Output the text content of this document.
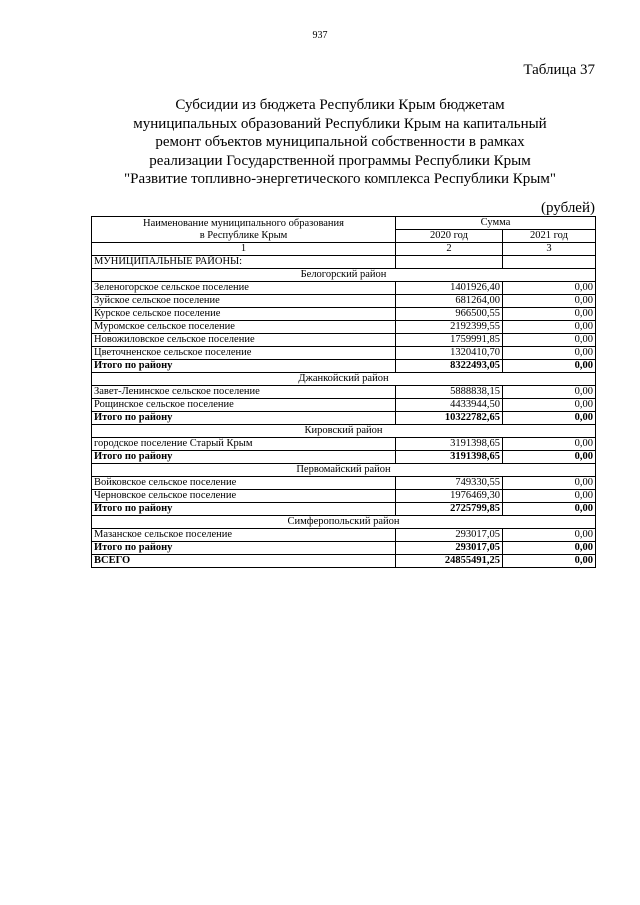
937
Таблица 37
Субсидии из бюджета Республики Крым бюджетам
муниципальных образований Республики Крым на капитальный
ремонт объектов муниципальной собственности в рамках
реализации Государственной программы Республики Крым
"Развитие топливно-энергетического комплекса Республики Крым"
(рублей)
Наименование муниципального образования
в Республике Крым	Сумма	
	2020 год	2021 год
1	2	3
МУНИЦИПАЛЬНЫЕ РАЙОНЫ:		
Белогорский район		
Зеленогорское сельское поселение	1401926,40	0,00
Зуйское сельское поселение	681264,00	0,00
Курское сельское поселение	966500,55	0,00
Муромское сельское поселение	2192399,55	0,00
Новожиловское сельское поселение	1759991,85	0,00
Цветочненское сельское поселение	1320410,70	0,00
Итого по району	8322493,05	0,00
Джанкойский район		
Завет-Ленинское сельское поселение	5888838,15	0,00
Рощинское сельское поселение	4433944,50	0,00
Итого по району	10322782,65	0,00
Кировский район		
городское поселение Старый Крым	3191398,65	0,00
Итого по району	3191398,65	0,00
Первомайский район		
Войковское сельское поселение	749330,55	0,00
Черновское сельское поселение	1976469,30	0,00
Итого по району	2725799,85	0,00
Симферопольский район		
Мазанское сельское поселение	293017,05	0,00
Итого по району	293017,05	0,00
ВСЕГО	24855491,25	0,00
